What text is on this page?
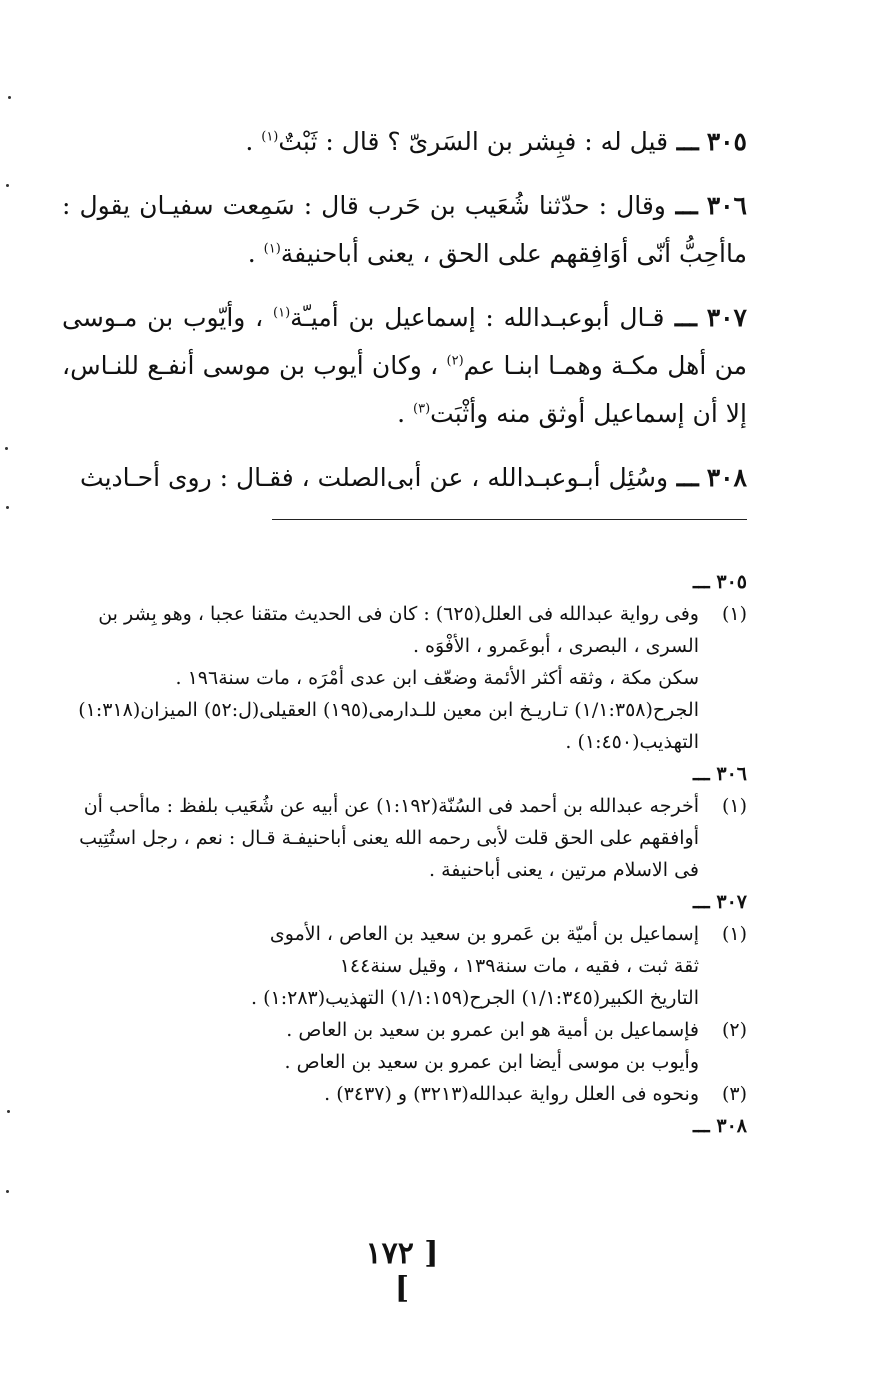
٣٠٥ ـــ قيل له : فبِشر بن السَرىّ ؟ قال : ثَبْتٌ$^{(١)}$ .

٣٠٦ ـــ وقال : حدّثنا شُعَيب بن حَرب قال : سَمِعت سفيـان يقول : ماأحِبُّ أنّى أوَافِقهم على الحق ، يعنى أباحنيفة$^{(١)}$ .

٣٠٧ ـــ قـال أبوعبـدالله : إسماعيل بن أميـّة$^{(١)}$ ، وأيّوب بن مـوسى من أهل مكـة وهمـا ابنـا عم$^{(٢)}$ ، وكان أيوب بن موسى أنفـع للنـاس، إلا أن إسماعيل أوثق منه وأثْبَت$^{(٣)}$ .

٣٠٨ ـــ وسُئِل أبـوعبـدالله ، عن أبى‌الصلت ، فقـال : روى أحـاديث

٣٠٥ ـــ

(١)

وفى رواية عبدالله فى العلل(٦٢٥) : كان فى الحديث متقنا عجبا ، وهو بِشر بن السرى ، البصرى ، أبوعَمرو ، الأفْوَه .

سكن مكة ، وثقه أكثر الأئمة وضعّف ابن عدى أمْرَه ، مات سنة١٩٦ .

الجرح(١/١:٣٥٨) تـاريـخ ابن معين للـدارمى(١٩٥) العقيلى(ل:٥٢) الميزان(١:٣١٨) التهذيب(١:٤٥٠) .

٣٠٦ ـــ

(١)

أخرجه عبدالله بن أحمد فى السُنّة(١:١٩٢) عن أبيه عن شُعَيب بلفظ : ماأحب أن أوافقهم على الحق قلت لأبى رحمه الله يعنى أباحنيفـة قـال : نعم ، رجل استُتِيب فى الاسلام مرتين ، يعنى أباحنيفة .

٣٠٧ ـــ

(١)

إسماعيل بن أميّة بن عَمرو بن سعيد بن العاص ، الأموى

ثقة ثبت ، فقيه ، مات سنة١٣٩ ، وقيل سنة١٤٤

التاريخ الكبير(١/١:٣٤٥) الجرح(١/١:١٥٩) التهذيب(١:٢٨٣) .

(٢)

فإسماعيل بن أمية هو ابن عمرو بن سعيد بن العاص .

وأيوب بن موسى أيضا ابن عمرو بن سعيد بن العاص .

(٣)

ونحوه فى العلل رواية عبدالله(٣٢١٣) و (٣٤٣٧) .

٣٠٨ ـــ

[ ١٧٢ ]
